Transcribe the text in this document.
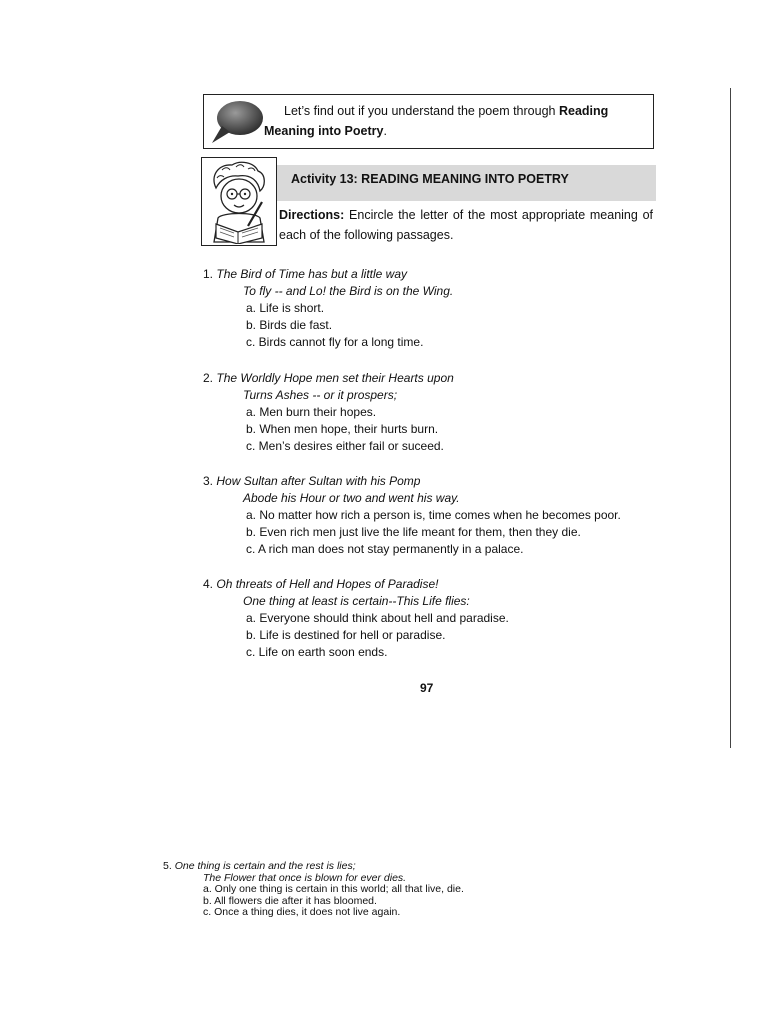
Let’s find out if you understand the poem through Reading Meaning into Poetry.
Activity 13: READING MEANING INTO POETRY
Directions: Encircle the letter of the most appropriate meaning of each of the following passages.
1. The Bird of Time has but a little way
To fly -- and Lo! the Bird is on the Wing.
a. Life is short.
b. Birds die fast.
c. Birds cannot fly for a long time.
2. The Worldly Hope men set their Hearts upon
Turns Ashes -- or it prospers;
a. Men burn their hopes.
b. When men hope, their hurts burn.
c. Men’s desires either fail or suceed.
3. How Sultan after Sultan with his Pomp
Abode his Hour or two and went his way.
a. No matter how rich a person is, time comes when he becomes poor.
b. Even rich men just live the life meant for them, then they die.
c. A rich man does not stay permanently in a palace.
4. Oh threats of Hell and Hopes of Paradise!
One thing at least is certain--This Life flies:
a. Everyone should think about hell and paradise.
b. Life is destined for hell or paradise.
c. Life on earth soon ends.
97
5. One thing is certain and the rest is lies;
The Flower that once is blown for ever dies.
a. Only one thing is certain in this world; all that live, die.
b. All flowers die after it has bloomed.
c. Once a thing dies, it does not live again.
